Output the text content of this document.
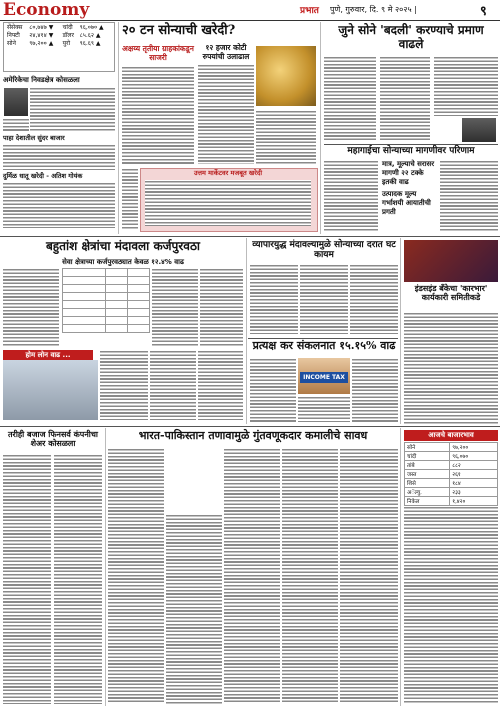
Economy	प्रभात पुणे, गुरुवार, दि. ९ मे २०२५ |	९
सेंसेक्स	८०,७४७ ▼	चांदी	९६,०७० ▲
निफ्टी	२४,४१४ ▼	डॉलर	८५.६२ ▲
सोने	९७,२०० ▲	युरो	९६.६९ ▲
अमेरिकेचा निवडक्षेत्र कोसळला
पाहा देशातील सुंदर बाजार
दुर्मिळ धातू खरेदी - अतिश गोयंक
२० टन सोन्याची खरेदी?
अक्षय्य तृतीया ग्राहकांकडून साजरी
१२ हजार कोटी रुपयांची उलाढाल
उत्तम मार्केटवर मजबूत खरेदी
जुने सोने 'बदली' करण्याचे प्रमाण वाढले
महागाईचा सोन्याच्या मागणीवर परिणाम
मात्र, मूल्याचे सरासर मागणी २२ टक्के इतकी वाढ
उत्पादक मूल्य गर्भाशयी आयातीची प्रगती
बहुतांश क्षेत्रांचा मंदावला कर्जपुरवठा
सेवा क्षेत्राच्या कर्जपुरवठ्यात केवळ १२.४% वाढ

होम लोन वाढ ...
व्यापारयुद्ध मंदावल्यामुळे सोन्याच्या दरात घट कायम
इंडसइंड बँकेचा 'कारभार' कार्यकारी समितीकडे
प्रत्यक्ष कर संकलनात १५.१५% वाढ
INCOME TAX
तरीही बजाज फिनसर्व कंपनीचा शेअर कोसळला
भारत-पाकिस्तान तणावामुळे गुंतवणूकदार कमालीचे सावध	आजचे बाजारभाव
सोने	९७,२००
चांदी	९६,०७०
तांबे	८८२
जस्त	२६१
शिसे	१८४
अॅल्यु.	२३३
निकेल	१,४२०
